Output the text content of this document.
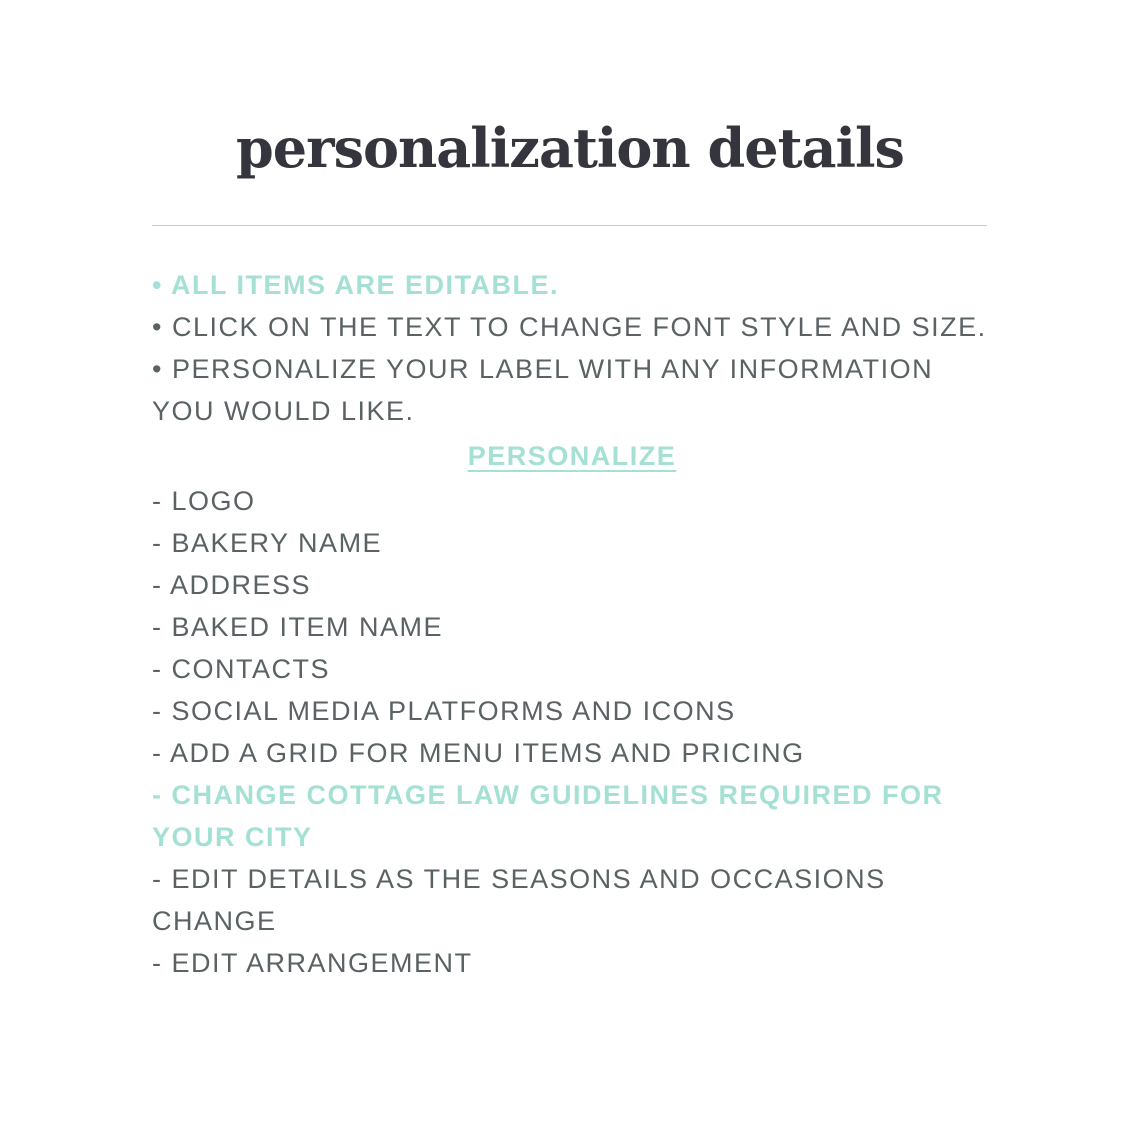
personalization details

• ALL ITEMS ARE EDITABLE.

• CLICK ON THE TEXT TO CHANGE FONT STYLE AND SIZE.

• PERSONALIZE YOUR LABEL WITH ANY INFORMATION YOU WOULD LIKE.

PERSONALIZE

- LOGO

- BAKERY NAME

- ADDRESS

- BAKED ITEM NAME

- CONTACTS

- SOCIAL MEDIA PLATFORMS AND ICONS

- ADD A GRID FOR MENU ITEMS AND PRICING

- CHANGE COTTAGE LAW GUIDELINES REQUIRED FOR YOUR CITY

- EDIT DETAILS AS THE SEASONS AND OCCASIONS CHANGE

- EDIT ARRANGEMENT
